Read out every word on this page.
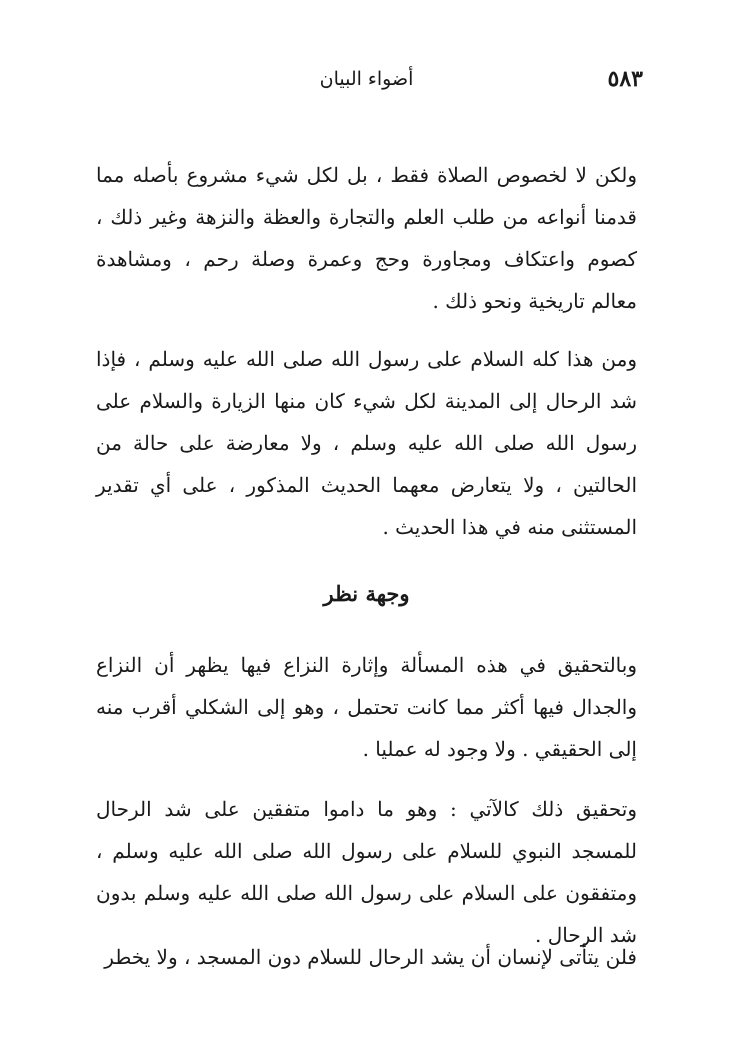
٥٨٣
أضواء البيان

ولكن لا لخصوص الصلاة فقط ، بل لكل شيء مشروع بأصله مما قدمنا أنواعه من طلب العلم والتجارة والعظة والنزهة وغير ذلك ، كصوم واعتكاف ومجاورة وحج وعمرة وصلة رحم ، ومشاهدة معالم تاريخية ونحو ذلك .

ومن هذا كله السلام على رسول الله صلى الله عليه وسلم ، فإذا شد الرحال إلى المدينة لكل شيء كان منها الزيارة والسلام على رسول الله صلى الله عليه وسلم ، ولا معارضة على حالة من الحالتين ، ولا يتعارض معهما الحديث المذكور ، على أي تقدير المستثنى منه في هذا الحديث .

وجهة نظر

وبالتحقيق في هذه المسألة وإثارة النزاع فيها يظهر أن النزاع والجدال فيها أكثر مما كانت تحتمل ، وهو إلى الشكلي أقرب منه إلى الحقيقي . ولا وجود له عمليا .

وتحقيق ذلك كالآتي : وهو ما داموا متفقين على شد الرحال للمسجد النبوي للسلام على رسول الله صلى الله عليه وسلم ، ومتفقون على السلام على رسول الله صلى الله عليه وسلم بدون شد الرحال .

فلن يتأتى لإنسان أن يشد الرحال للسلام دون المسجد ، ولا يخطر
